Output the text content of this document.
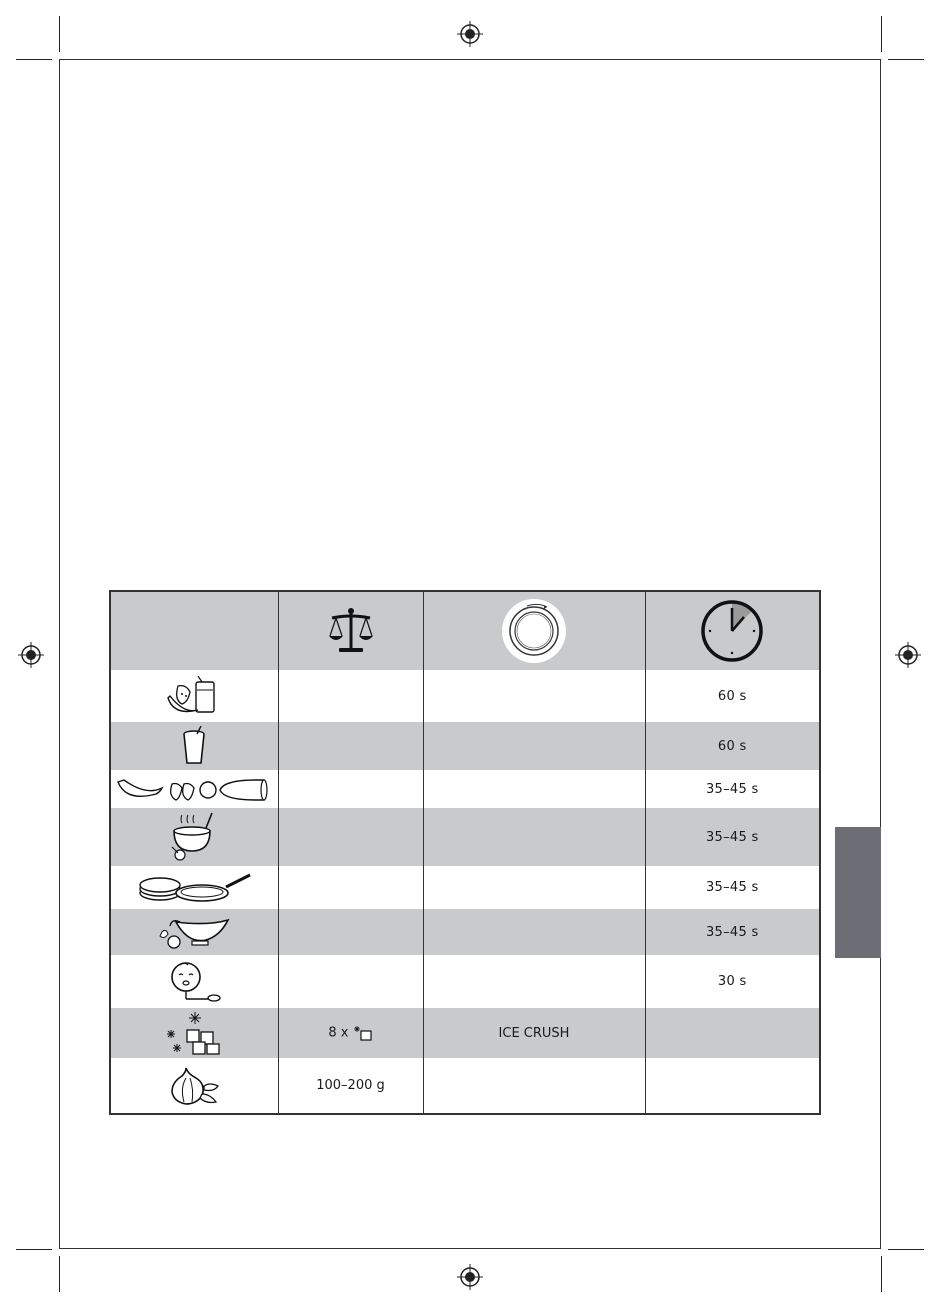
			60 s

			60 s

			35–45 s

			35–45 s

			35–45 s

			35–45 s

			30 s

	8 x	ICE CRUSH	

	100–200 g		
